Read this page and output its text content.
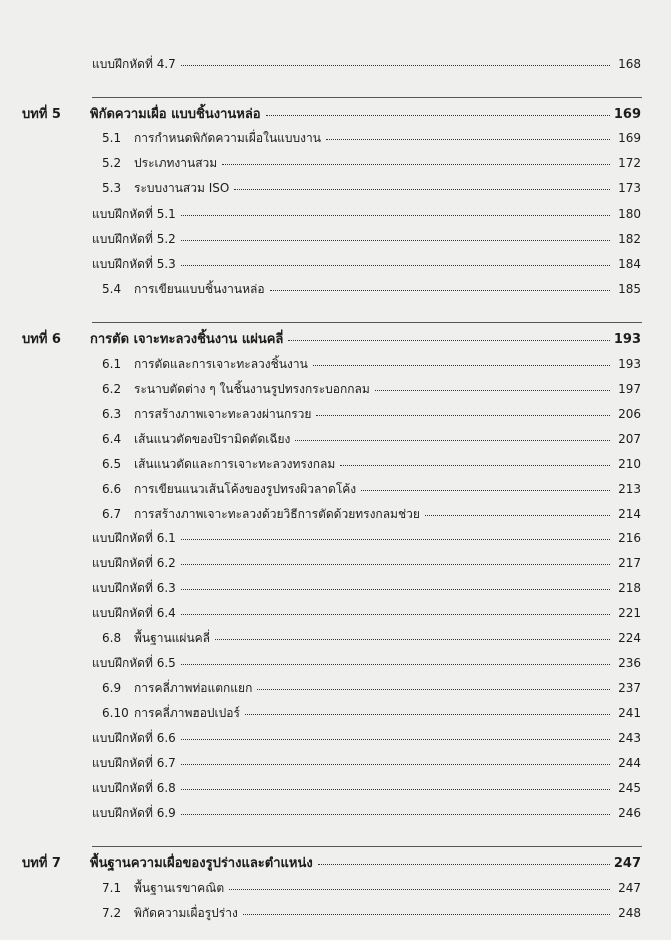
แบบฝึกหัดที่ 4.7	168
บทที่ 5	พิกัดความเผื่อ แบบชิ้นงานหล่อ	169
5.1	การกำหนดพิกัดความเผื่อในแบบงาน	169
5.2	ประเภทงานสวม	172
5.3	ระบบงานสวม ISO	173
แบบฝึกหัดที่ 5.1	180
แบบฝึกหัดที่ 5.2	182
แบบฝึกหัดที่ 5.3	184
5.4	การเขียนแบบชิ้นงานหล่อ	185
บทที่ 6	การตัด เจาะทะลวงชิ้นงาน แผ่นคลี่	193
6.1	การตัดและการเจาะทะลวงชิ้นงาน	193
6.2	ระนาบตัดต่าง ๆ ในชิ้นงานรูปทรงกระบอกกลม	197
6.3	การสร้างภาพเจาะทะลวงผ่านกรวย	206
6.4	เส้นแนวตัดของปิรามิดตัดเฉียง	207
6.5	เส้นแนวตัดและการเจาะทะลวงทรงกลม	210
6.6	การเขียนแนวเส้นโค้งของรูปทรงผิวลาดโค้ง	213
6.7	การสร้างภาพเจาะทะลวงด้วยวิธีการตัดด้วยทรงกลมช่วย	214
แบบฝึกหัดที่ 6.1	216
แบบฝึกหัดที่ 6.2	217
แบบฝึกหัดที่ 6.3	218
แบบฝึกหัดที่ 6.4	221
6.8	พื้นฐานแผ่นคลี่	224
แบบฝึกหัดที่ 6.5	236
6.9	การคลี่ภาพท่อแตกแยก	237
6.10 การคลี่ภาพฮอปเปอร์	241
แบบฝึกหัดที่ 6.6	243
แบบฝึกหัดที่ 6.7	244
แบบฝึกหัดที่ 6.8	245
แบบฝึกหัดที่ 6.9	246
บทที่ 7	พื้นฐานความเผื่อของรูปร่างและตำแหน่ง	247
7.1	พื้นฐานเรขาคณิต	247
7.2	พิกัดความเผื่อรูปร่าง	248
